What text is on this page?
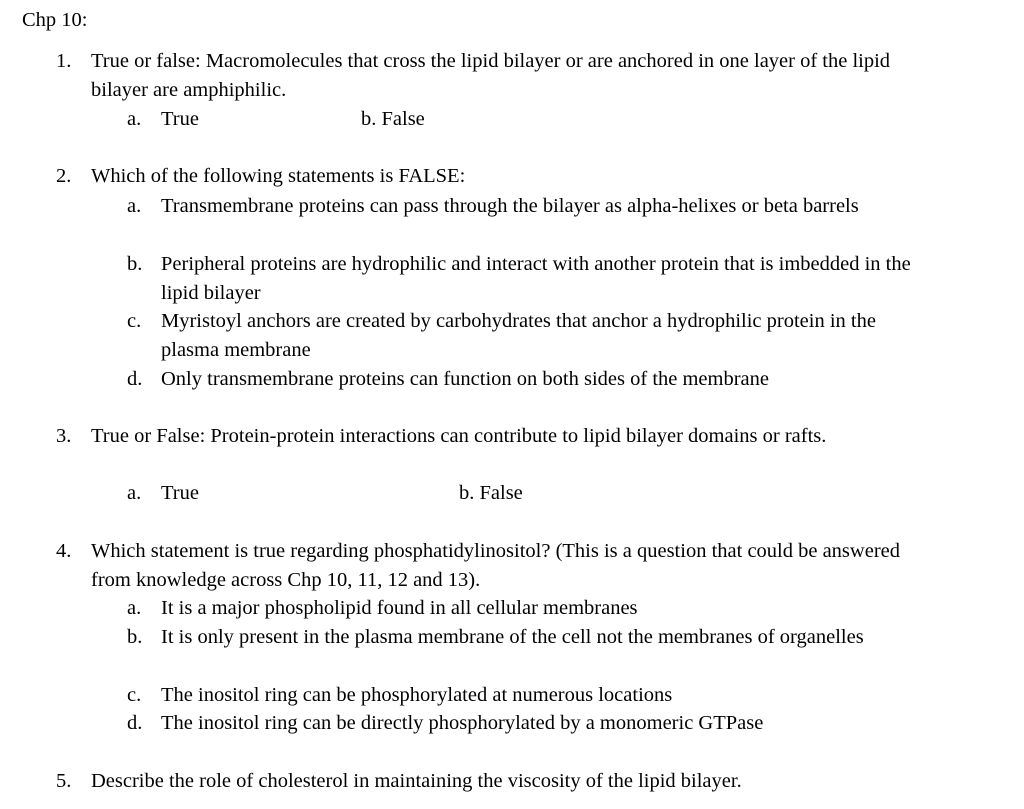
Chp 10:
1. True or false: Macromolecules that cross the lipid bilayer or are anchored in one layer of the lipid bilayer are amphiphilic.
a. True	b. False
2. Which of the following statements is FALSE:
a. Transmembrane proteins can pass through the bilayer as alpha-helixes or beta barrels
b. Peripheral proteins are hydrophilic and interact with another protein that is imbedded in the lipid bilayer
c. Myristoyl anchors are created by carbohydrates that anchor a hydrophilic protein in the plasma membrane
d. Only transmembrane proteins can function on both sides of the membrane
3. True or False: Protein-protein interactions can contribute to lipid bilayer domains or rafts.
a. True	b. False
4. Which statement is true regarding phosphatidylinositol? (This is a question that could be answered from knowledge across Chp 10, 11, 12 and 13).
a. It is a major phospholipid found in all cellular membranes
b. It is only present in the plasma membrane of the cell not the membranes of organelles
c. The inositol ring can be phosphorylated at numerous locations
d. The inositol ring can be directly phosphorylated by a monomeric GTPase
5. Describe the role of cholesterol in maintaining the viscosity of the lipid bilayer.
